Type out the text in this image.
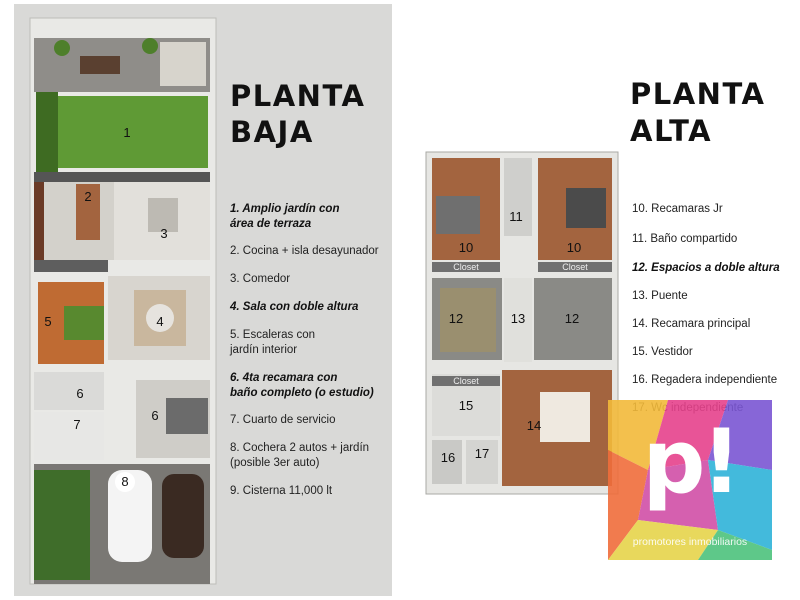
1
2
3
4
5
6
6
7
8
PLANTA
BAJA
1. Amplio jardín con
área de terraza
2. Cocina + isla desayunador
3. Comedor
4. Sala con doble altura
5. Escaleras con
jardín interior
6. 4ta recamara con
baño completo (o estudio)
7. Cuarto de servicio
8. Cochera 2 autos + jardín
(posible 3er auto)
9. Cisterna 11,000 lt
10
11
10
12	13	12
15
14
16	17
Closet	Closet
Closet
PLANTA
ALTA
10. Recamaras Jr
11. Baño compartido
12. Espacios a doble altura
13. Puente
14. Recamara principal
15. Vestidor
16. Regadera independiente
p!
promotores inmobiliarios
